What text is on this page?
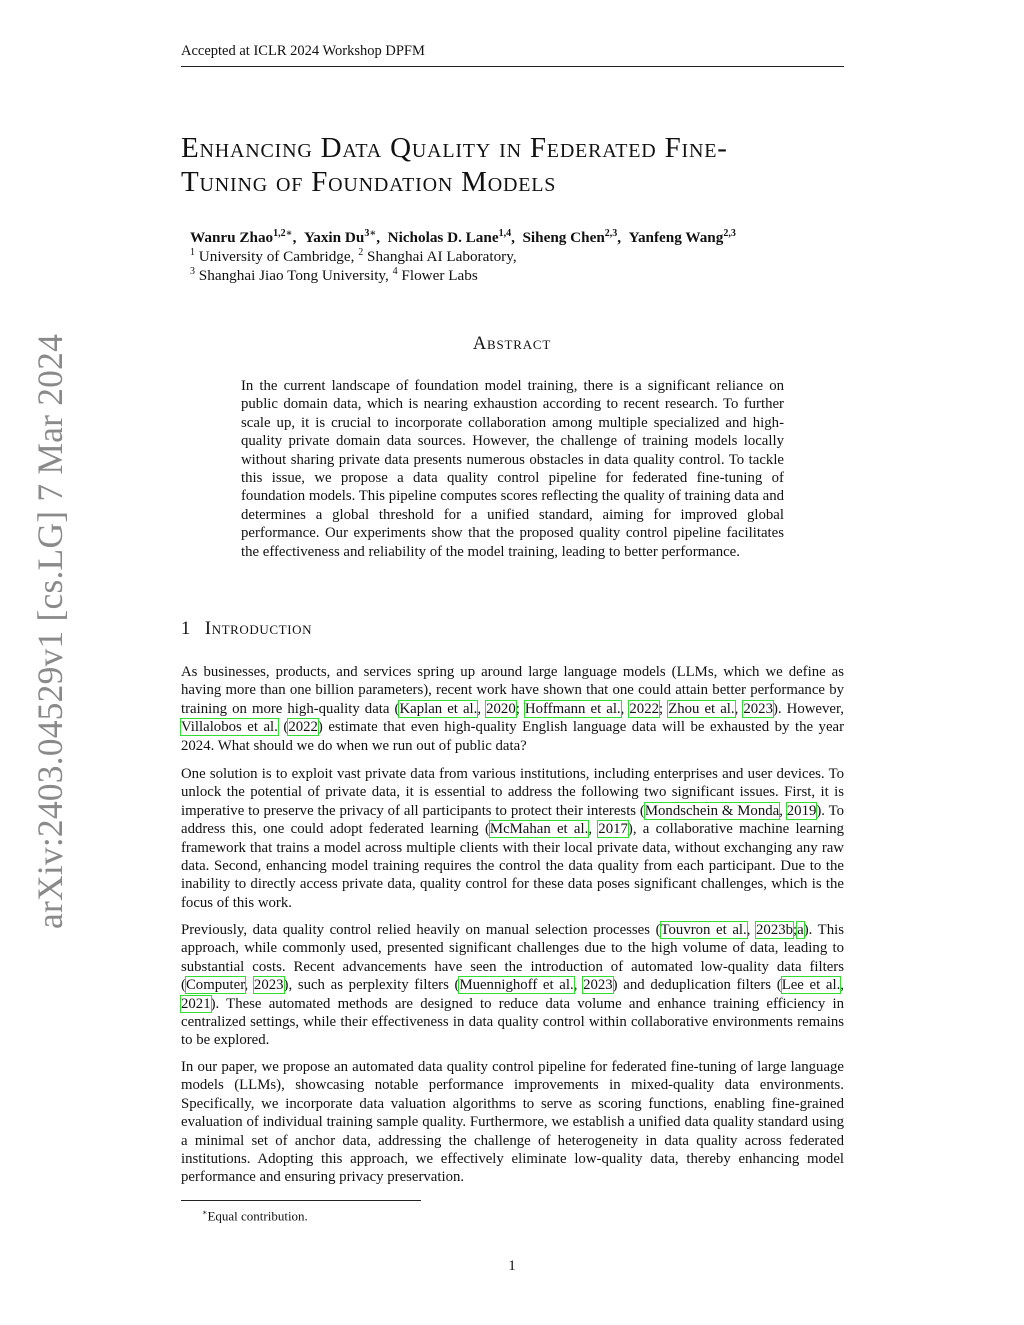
Accepted at ICLR 2024 Workshop DPFM
arXiv:2403.04529v1 [cs.LG] 7 Mar 2024
Enhancing Data Quality in Federated Fine-
Tuning of Foundation Models
Wanru Zhao$^{1,2∗}$,  Yaxin $Du^{3∗}$,  Nicholas D. Lane$^{1,4}$,  Siheng Chen$^{2,3}$,  Yanfeng Wang$^{2,3}$
$^1$ University of Cambridge, $^2$ Shanghai AI Laboratory,
$^3$ Shanghai Jiao Tong University, $^4$ Flower Labs
Abstract
In the current landscape of foundation model training, there is a significant reliance on public domain data, which is nearing exhaustion according to recent research. To further scale up, it is crucial to incorporate collaboration among multiple specialized and high-quality private domain data sources. However, the challenge of training models locally without sharing private data presents numerous obstacles in data quality control. To tackle this issue, we propose a data quality control pipeline for federated fine-tuning of foundation models. This pipeline computes scores reflecting the quality of training data and determines a global threshold for a unified standard, aiming for improved global performance. Our experiments show that the proposed quality control pipeline facilitates the effectiveness and reliability of the model training, leading to better performance.
1 Introduction
As businesses, products, and services spring up around large language models (LLMs, which we define as having more than one billion parameters), recent work have shown that one could attain better performance by training on more high-quality data (Kaplan et al., 2020; Hoffmann et al., 2022; Zhou et al., 2023). However, Villalobos et al. (2022) estimate that even high-quality English language data will be exhausted by the year 2024. What should we do when we run out of public data?
One solution is to exploit vast private data from various institutions, including enterprises and user devices. To unlock the potential of private data, it is essential to address the following two significant issues. First, it is imperative to preserve the privacy of all participants to protect their interests (Mondschein & Monda, 2019). To address this, one could adopt federated learning (McMahan et al., 2017), a collaborative machine learning framework that trains a model across multiple clients with their local private data, without exchanging any raw data. Second, enhancing model training requires the control the data quality from each participant. Due to the inability to directly access private data, quality control for these data poses significant challenges, which is the focus of this work.
Previously, data quality control relied heavily on manual selection processes (Touvron et al., 2023b;a). This approach, while commonly used, presented significant challenges due to the high volume of data, leading to substantial costs. Recent advancements have seen the introduction of automated low-quality data filters (Computer, 2023), such as perplexity filters (Muennighoff et al., 2023) and deduplication filters (Lee et al., 2021). These automated methods are designed to reduce data volume and enhance training efficiency in centralized settings, while their effectiveness in data quality control within collaborative environments remains to be explored.
In our paper, we propose an automated data quality control pipeline for federated fine-tuning of large language models (LLMs), showcasing notable performance improvements in mixed-quality data environments. Specifically, we incorporate data valuation algorithms to serve as scoring functions, enabling fine-grained evaluation of individual training sample quality. Furthermore, we establish a unified data quality standard using a minimal set of anchor data, addressing the challenge of heterogeneity in data quality across federated institutions. Adopting this approach, we effectively eliminate low-quality data, thereby enhancing model performance and ensuring privacy preservation.
∗Equal contribution.
1
